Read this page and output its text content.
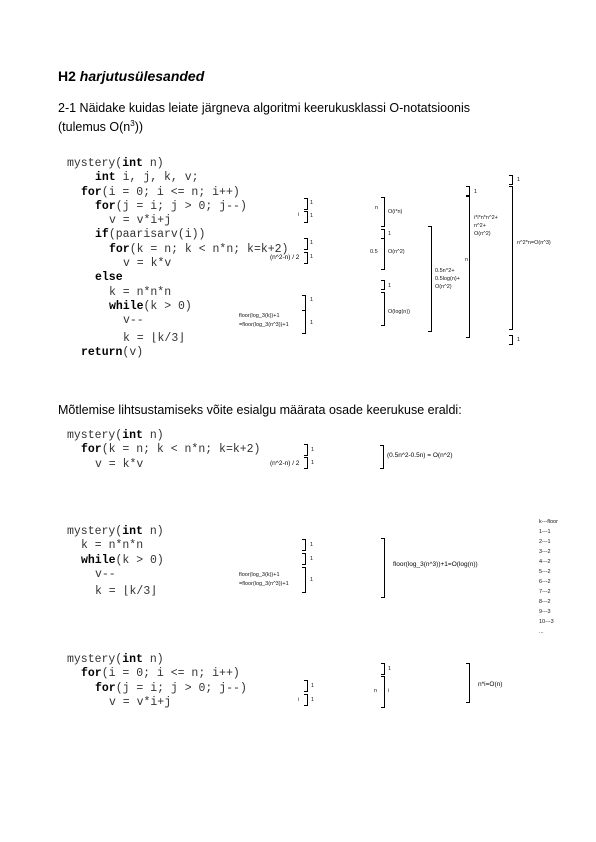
H2 harjutusülesanded
2-1 Näidake kuidas leiate järgneva algoritmi keerukusklassi O-notatsioonis
(tulemus $O(n^3)$)
mystery(int n)
int i, j, k, v;
for(i = 0; i <= n; i++)
for(j = i; j > 0; j--)
v = v*i+j
if(paarisarv(i))
for(k = n; k < n*n; k=k+2)
v = k*v
else
k = n*n*n
while(k > 0)
v--
k = ⌊k/3⌋
return(v)
1
i 1
1
(n^2-n) / 2 1
1
floor(log_3(k))+1
=floor(log_3(n^3))+1	1
n
O(i*n)
1
0.5 O(n^2)
1
O(log(n))
0.5n^2+
0.5log(n)+
O(n^2)
1
n
i*i*n*n^2+
n^2+
O(n^2)
1
n^2*n=O(n^3)
1
Mõtlemise lihtsustamiseks võite esialgu määrata osade keerukuse eraldi:
mystery(int n)
for(k = n; k < n*n; k=k+2)
v = k*v
1
(n^2-n) / 2 1
(0.5n^2-0.5n) = O(n^2)
mystery(int n)
k = n*n*n
while(k > 0)
v--
k = ⌊k/3⌋
1
1
floor(log_3(k))+1
=floor(log_3(n^3))+1
1
floor(log_3(n^3))+1=O(log(n))
k---floor
1---1
2---1
3---2
4---2
5---2
6---2
7---2
8---2
9---3
10---3
...
mystery(int n)
for(i = 0; i <= n; i++)
for(j = i; j > 0; j--)
v = v*i+j
1
i 1
1
n i
n*i=O(n)
